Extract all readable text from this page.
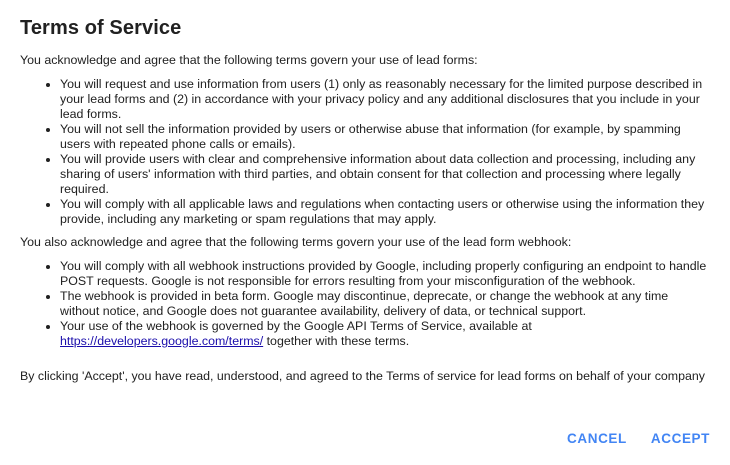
Terms of Service

You acknowledge and agree that the following terms govern your use of lead forms:

• You will request and use information from users (1) only as reasonably necessary for the limited purpose described in your lead forms and (2) in accordance with your privacy policy and any additional disclosures that you include in your lead forms.
• You will not sell the information provided by users or otherwise abuse that information (for example, by spamming users with repeated phone calls or emails).
• You will provide users with clear and comprehensive information about data collection and processing, including any sharing of users' information with third parties, and obtain consent for that collection and processing where legally required.
• You will comply with all applicable laws and regulations when contacting users or otherwise using the information they provide, including any marketing or spam regulations that may apply.

You also acknowledge and agree that the following terms govern your use of the lead form webhook:

• You will comply with all webhook instructions provided by Google, including properly configuring an endpoint to handle POST requests. Google is not responsible for errors resulting from your misconfiguration of the webhook.
• The webhook is provided in beta form. Google may discontinue, deprecate, or change the webhook at any time without notice, and Google does not guarantee availability, delivery of data, or technical support.
• Your use of the webhook is governed by the Google API Terms of Service, available at https://developers.google.com/terms/ together with these terms.

By clicking 'Accept', you have read, understood, and agreed to the Terms of service for lead forms on behalf of your company

CANCEL	ACCEPT
